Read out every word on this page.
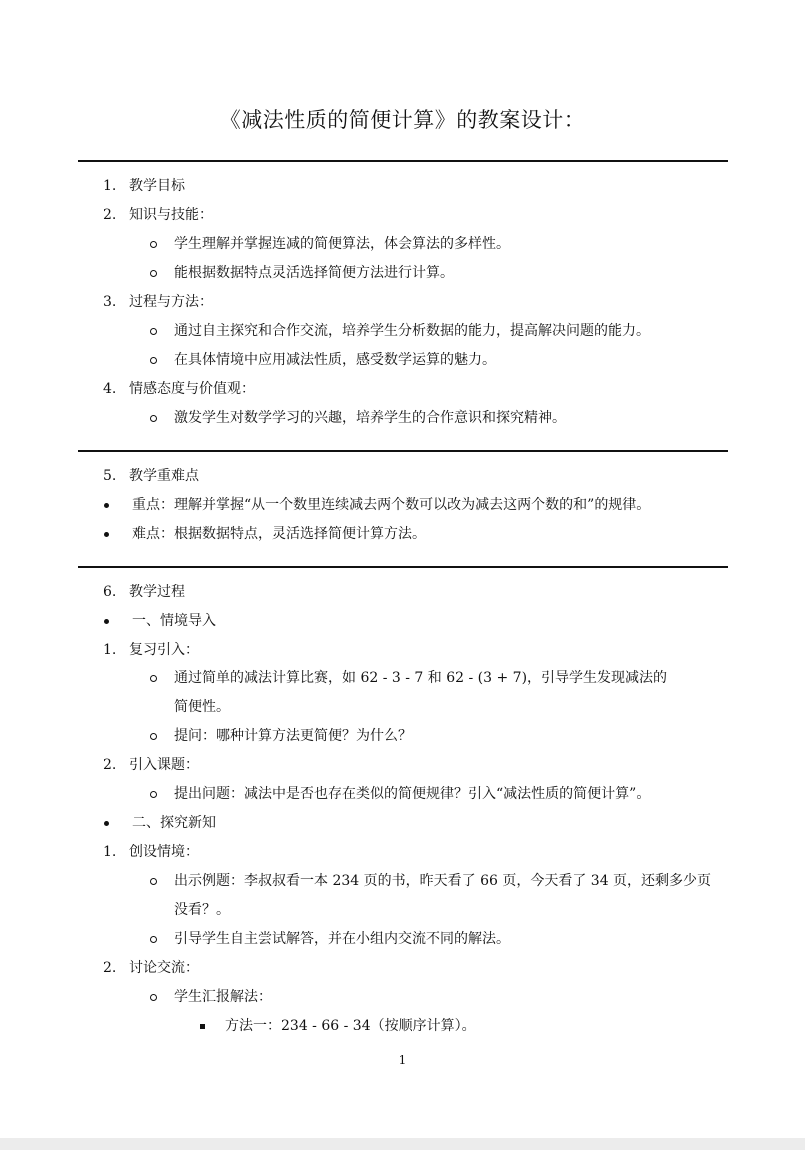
《减法性质的简便计算》的教案设计：
1. 教学目标
2. 知识与技能：
学生理解并掌握连减的简便算法，体会算法的多样性。
能根据数据特点灵活选择简便方法进行计算。
3. 过程与方法：
通过自主探究和合作交流，培养学生分析数据的能力，提高解决问题的能力。
在具体情境中应用减法性质，感受数学运算的魅力。
4. 情感态度与价值观：
激发学生对数学学习的兴趣，培养学生的合作意识和探究精神。
5. 教学重难点
重点：理解并掌握“从一个数里连续减去两个数可以改为减去这两个数的和”的规律。
难点：根据数据特点，灵活选择简便计算方法。
6. 教学过程
一、情境导入
1. 复习引入：
通过简单的减法计算比赛，如 62 - 3 - 7 和 62 - (3 + 7)，引导学生发现减法的
简便性。
提问：哪种计算方法更简便？为什么？
2. 引入课题：
提出问题：减法中是否也存在类似的简便规律？引入“减法性质的简便计算”。
二、探究新知
1. 创设情境：
出示例题：李叔叔看一本 234 页的书，昨天看了 66 页，今天看了 34 页，还剩多少页
没看？。
引导学生自主尝试解答，并在小组内交流不同的解法。
2. 讨论交流：
学生汇报解法：
方法一：234 - 66 - 34（按顺序计算）。
1
